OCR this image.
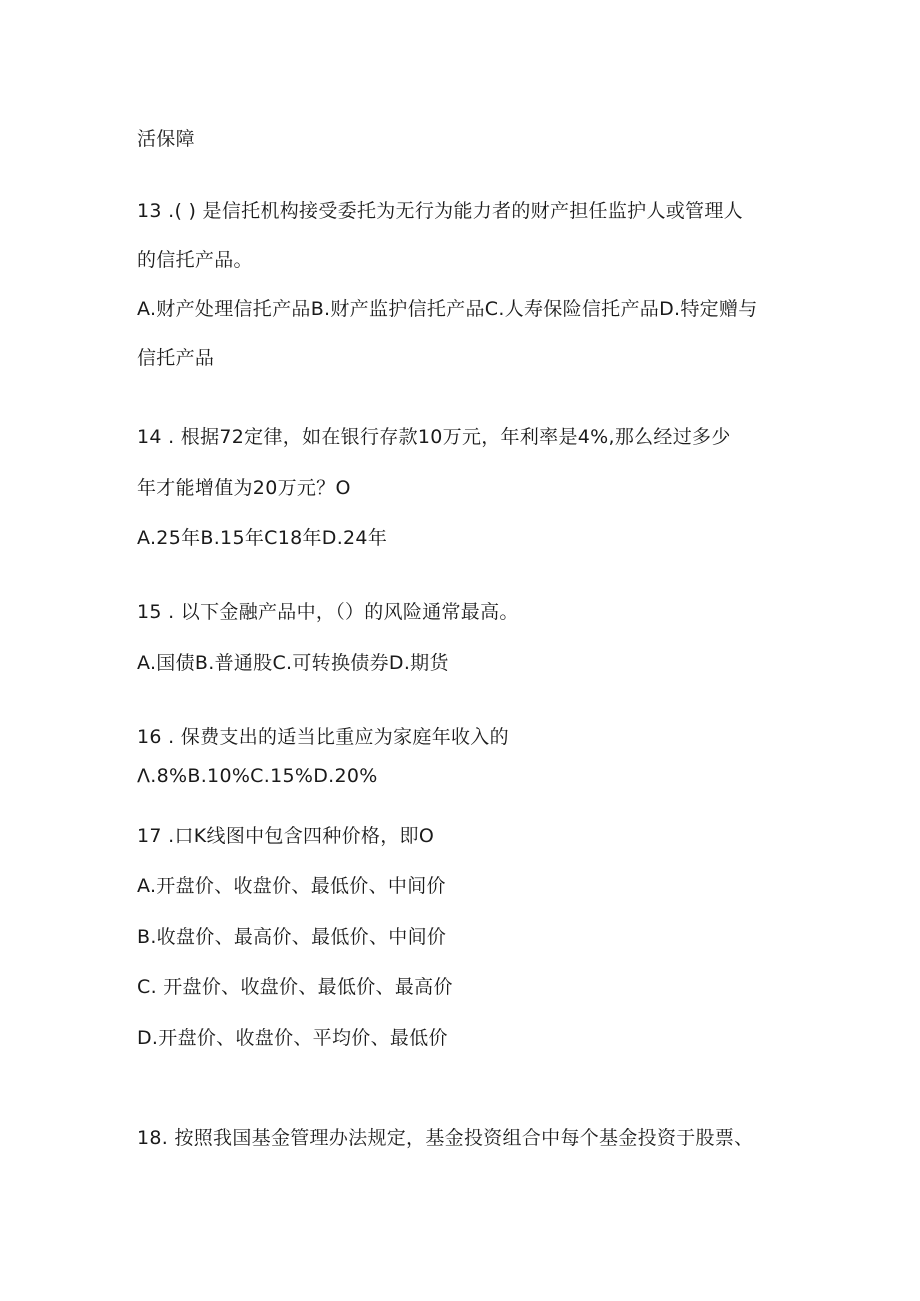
活保障
13 .( ) 是信托机构接受委托为无行为能力者的财产担任监护人或管理人
的信托产品。
A.财产处理信托产品B.财产监护信托产品C.人寿保险信托产品D.特定赠与
信托产品
14 . 根据72定律，如在银行存款10万元，年利率是4%,那么经过多少
年才能增值为20万元？O
A.25年B.15年C18年D.24年
15 . 以下金融产品中，（）的风险通常最高。
A.国债B.普通股C.可转换债券D.期货
16 . 保费支出的适当比重应为家庭年收入的
Λ.8%B.10%C.15%D.20%
17 .口K线图中包含四种价格，即O
A.开盘价、收盘价、最低价、中间价
B.收盘价、最高价、最低价、中间价
C. 开盘价、收盘价、最低价、最高价
D.开盘价、收盘价、平均价、最低价
18. 按照我国基金管理办法规定，基金投资组合中每个基金投资于股票、
